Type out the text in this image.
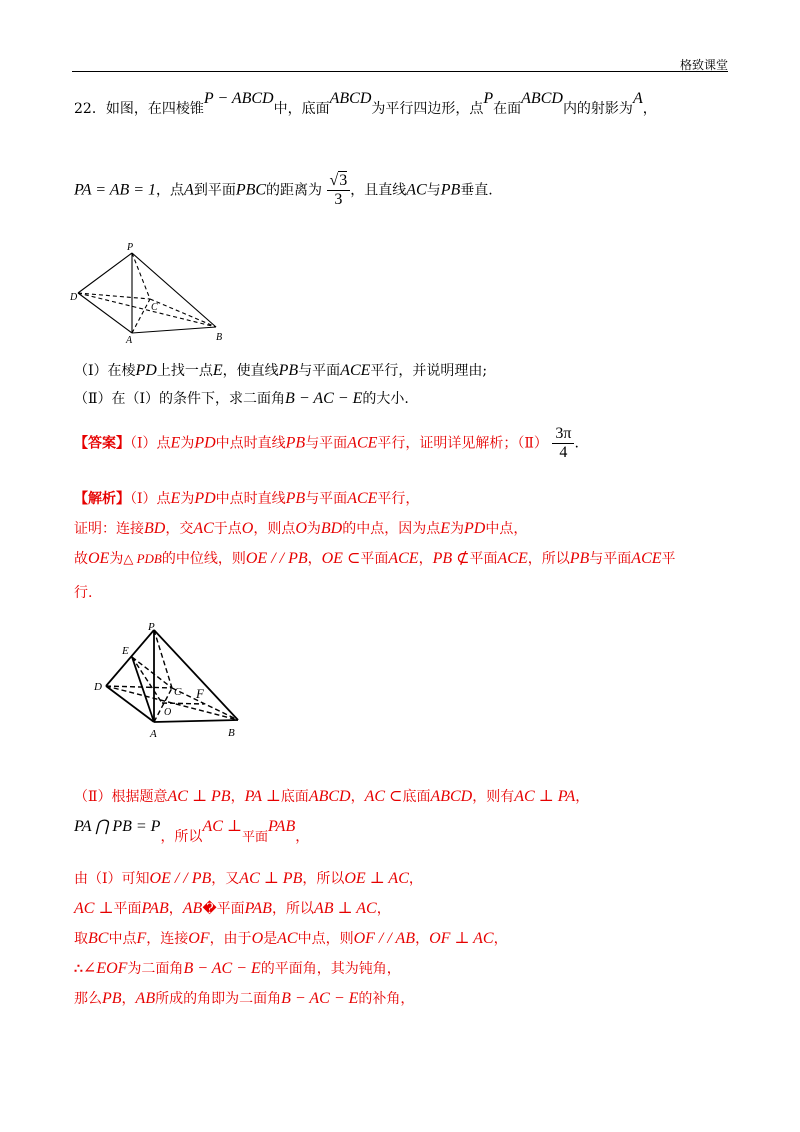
格致课堂
22．如图，在四棱锥P − ABCD中，底面ABCD为平行四边形，点P在面ABCD内的射影为A，
PA = AB = 1，点A到平面PBC的距离为 $\frac{√3}{3}$ ，且直线AC与PB垂直.
P
D
C
A	B
（Ⅰ）在棱PD上找一点E，使直线PB与平面ACE平行，并说明理由;
（Ⅱ）在（Ⅰ）的条件下，求二面角B − AC − E的大小.
【答案】（Ⅰ）点E为PD中点时直线PB与平面ACE平行，证明详见解析；（Ⅱ） $\frac{3\pi}{4}$ .
【解析】（Ⅰ）点E为PD中点时直线PB与平面ACE平行，
证明：连接BD，交AC于点O，则点O为BD的中点，因为点E为PD中点，
故OE为△ PDB的中位线，则OE / / PB，OE ⊂平面ACE，PB ⊄平面ACE，所以PB与平面ACE平
行.
P
E
D	C
O
F
A	B
（Ⅱ）根据题意AC ⊥ PB，PA ⊥底面ABCD，AC ⊂底面ABCD，则有AC ⊥ PA，
PA ⋂ PB = P，所以AC ⊥平面PAB，
由（Ⅰ）可知OE / / PB，又AC ⊥ PB，所以OE ⊥ AC，
AC ⊥平面PAB，AB�平面PAB，所以AB ⊥ AC，
取BC中点F，连接OF，由于O是AC中点，则OF / / AB，OF ⊥ AC，
∴∠EOF为二面角B − AC − E的平面角，其为钝角，
那么PB，AB所成的角即为二面角B − AC − E的补角，
